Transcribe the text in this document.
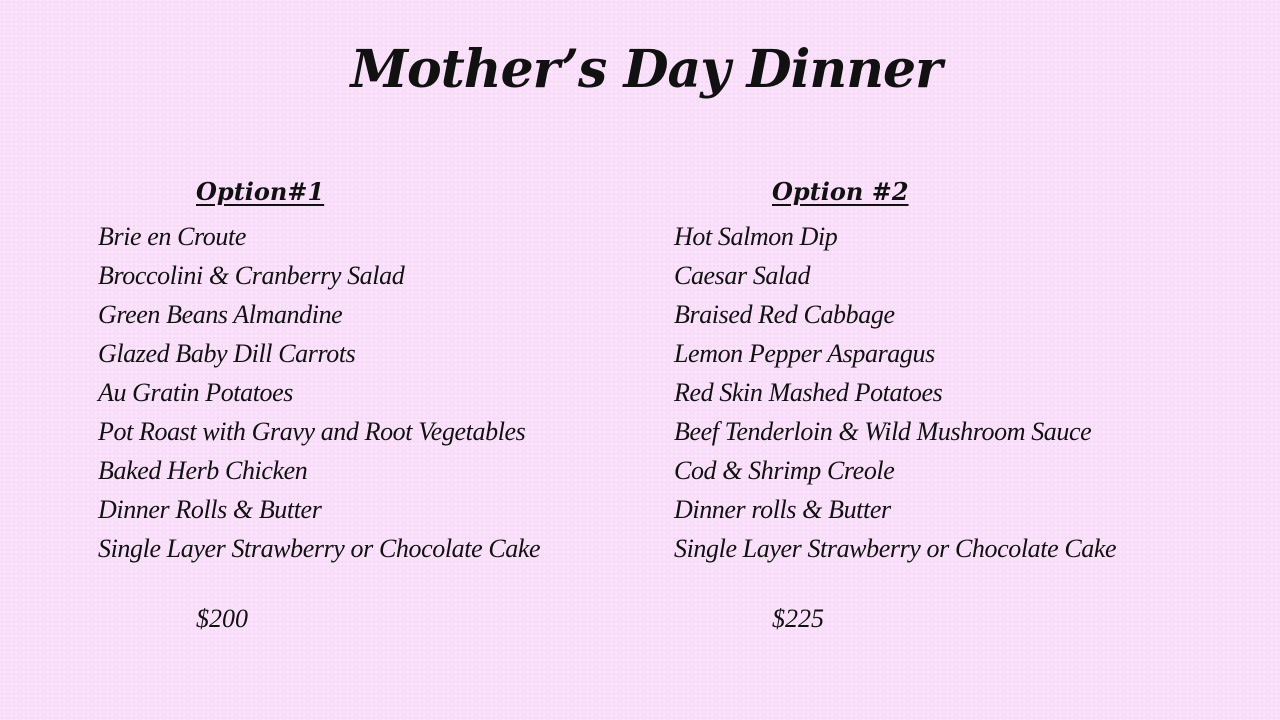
Mother’s Day Dinner
Option#1
Brie en Croute
Broccolini & Cranberry Salad
Green Beans Almandine
Glazed Baby Dill Carrots
Au Gratin Potatoes
Pot Roast with Gravy and Root Vegetables
Baked Herb Chicken
Dinner Rolls & Butter
Single Layer Strawberry or Chocolate Cake
$200
Option #2
Hot Salmon Dip
Caesar Salad
Braised Red Cabbage
Lemon Pepper Asparagus
Red Skin Mashed Potatoes
Beef Tenderloin & Wild Mushroom Sauce
Cod & Shrimp Creole
Dinner rolls & Butter
Single Layer Strawberry or Chocolate Cake
$225
